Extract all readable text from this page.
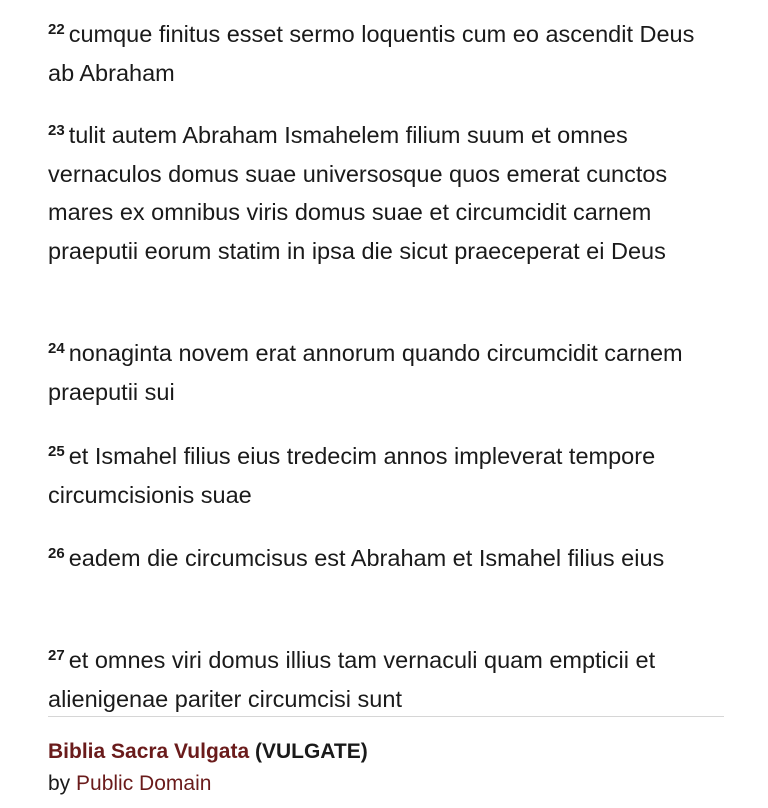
$^{22}$ cumque finitus esset sermo loquentis cum eo ascendit Deus ab Abraham

$^{23}$ tulit autem Abraham Ismahelem filium suum et omnes vernaculos domus suae universosque quos emerat cunctos mares ex omnibus viris domus suae et circumcidit carnem praeputii eorum statim in ipsa die sicut praeceperat ei Deus

$^{24}$ nonaginta novem erat annorum quando circumcidit carnem praeputii sui

$^{25}$ et Ismahel filius eius tredecim annos impleverat tempore circumcisionis suae

$^{26}$ eadem die circumcisus est Abraham et Ismahel filius eius

$^{27}$ et omnes viri domus illius tam vernaculi quam empticii et alienigenae pariter circumcisi sunt

Biblia Sacra Vulgata (VULGATE)
by Public Domain
